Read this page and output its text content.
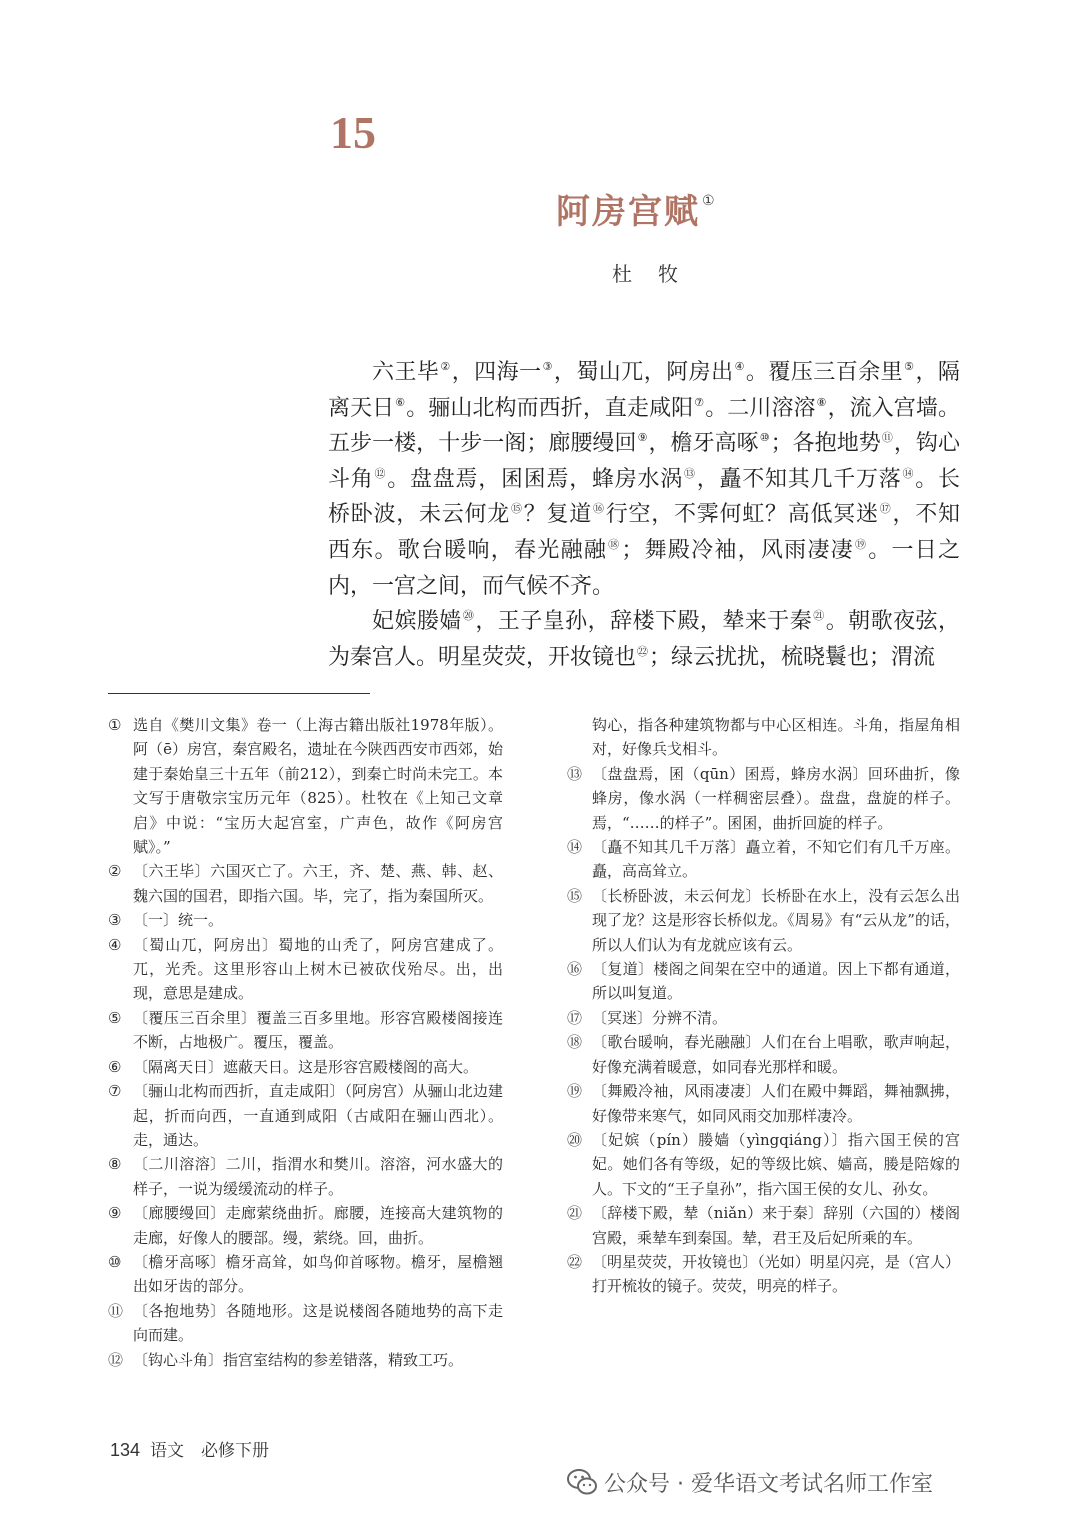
15
阿房宫赋 ①
杜牧

六王毕②，四海一③，蜀山兀，阿房出④。覆压三百余里⑤，隔离天日⑥。骊山北构而西折，直走咸阳⑦。二川溶溶⑧，流入宫墙。五步一楼，十步一阁；廊腰缦回⑨，檐牙高啄⑩；各抱地势⑪，钩心斗角⑫。盘盘焉，囷囷焉，蜂房水涡⑬，矗不知其几千万落⑭。长桥卧波，未云何龙⑮？复道⑯行空，不霁何虹？高低冥迷⑰，不知西东。歌台暖响，春光融融⑱；舞殿冷袖，风雨凄凄⑲。一日之内，一宫之间，而气候不齐。

妃嫔媵嫱⑳，王子皇孙，辞楼下殿，辇来于秦$^㉑$。朝歌夜弦，为秦宫人。明星荧荧，开妆镜也$^㉒$；绿云扰扰，梳晓鬟也；渭流

① 选自《樊川文集》卷一（上海古籍出版社1978年版）。阿（ē）房宫，秦宫殿名，遗址在今陕西西安市西郊，始建于秦始皇三十五年（前212），到秦亡时尚未完工。本文写于唐敬宗宝历元年（825）。杜牧在《上知己文章启》中说：“宝历大起宫室，广声色，故作《阿房宫赋》。”
② 〔六王毕〕六国灭亡了。六王，齐、楚、燕、韩、赵、魏六国的国君，即指六国。毕，完了，指为秦国所灭。
③ 〔一〕统一。
④ 〔蜀山兀，阿房出〕蜀地的山秃了，阿房宫建成了。兀，光秃。这里形容山上树木已被砍伐殆尽。出，出现，意思是建成。
⑤ 〔覆压三百余里〕覆盖三百多里地。形容宫殿楼阁接连不断，占地极广。覆压，覆盖。
⑥ 〔隔离天日〕遮蔽天日。这是形容宫殿楼阁的高大。
⑦ 〔骊山北构而西折，直走咸阳〕（阿房宫）从骊山北边建起，折而向西，一直通到咸阳（古咸阳在骊山西北）。走，通达。
⑧ 〔二川溶溶〕二川，指渭水和樊川。溶溶，河水盛大的样子，一说为缓缓流动的样子。
⑨ 〔廊腰缦回〕走廊萦绕曲折。廊腰，连接高大建筑物的走廊，好像人的腰部。缦，萦绕。回，曲折。
⑩ 〔檐牙高啄〕檐牙高耸，如鸟仰首啄物。檐牙，屋檐翘出如牙齿的部分。
⑪ 〔各抱地势〕各随地形。这是说楼阁各随地势的高下走向而建。
⑫ 〔钩心斗角〕指宫室结构的参差错落，精致工巧。
钩心，指各种建筑物都与中心区相连。斗角，指屋角相对，好像兵戈相斗。
⑬ 〔盘盘焉，囷（qūn）囷焉，蜂房水涡〕回环曲折，像蜂房，像水涡（一样稠密层叠）。盘盘，盘旋的样子。焉，“……的样子”。囷囷，曲折回旋的样子。
⑭ 〔矗不知其几千万落〕矗立着，不知它们有几千万座。矗，高高耸立。
⑮ 〔长桥卧波，未云何龙〕长桥卧在水上，没有云怎么出现了龙？这是形容长桥似龙。《周易》有“云从龙”的话，所以人们认为有龙就应该有云。
⑯ 〔复道〕楼阁之间架在空中的通道。因上下都有通道，所以叫复道。
⑰ 〔冥迷〕分辨不清。
⑱ 〔歌台暖响，春光融融〕人们在台上唱歌，歌声响起，好像充满着暖意，如同春光那样和暖。
⑲ 〔舞殿冷袖，风雨凄凄〕人们在殿中舞蹈，舞袖飘拂，好像带来寒气，如同风雨交加那样凄冷。
⑳ 〔妃嫔（pín）媵嫱（yìngqiáng）〕指六国王侯的宫妃。她们各有等级，妃的等级比嫔、嫱高，媵是陪嫁的人。下文的“王子皇孙”，指六国王侯的女儿、孙女。
㉑ 〔辞楼下殿，辇（niǎn）来于秦〕辞别（六国的）楼阁宫殿，乘辇车到秦国。辇，君王及后妃所乘的车。
㉒ 〔明星荧荧，开妆镜也〕（光如）明星闪亮，是（宫人）打开梳妆的镜子。荧荧，明亮的样子。
134 语文　必修下册
公众号 · 爱华语文考试名师工作室
